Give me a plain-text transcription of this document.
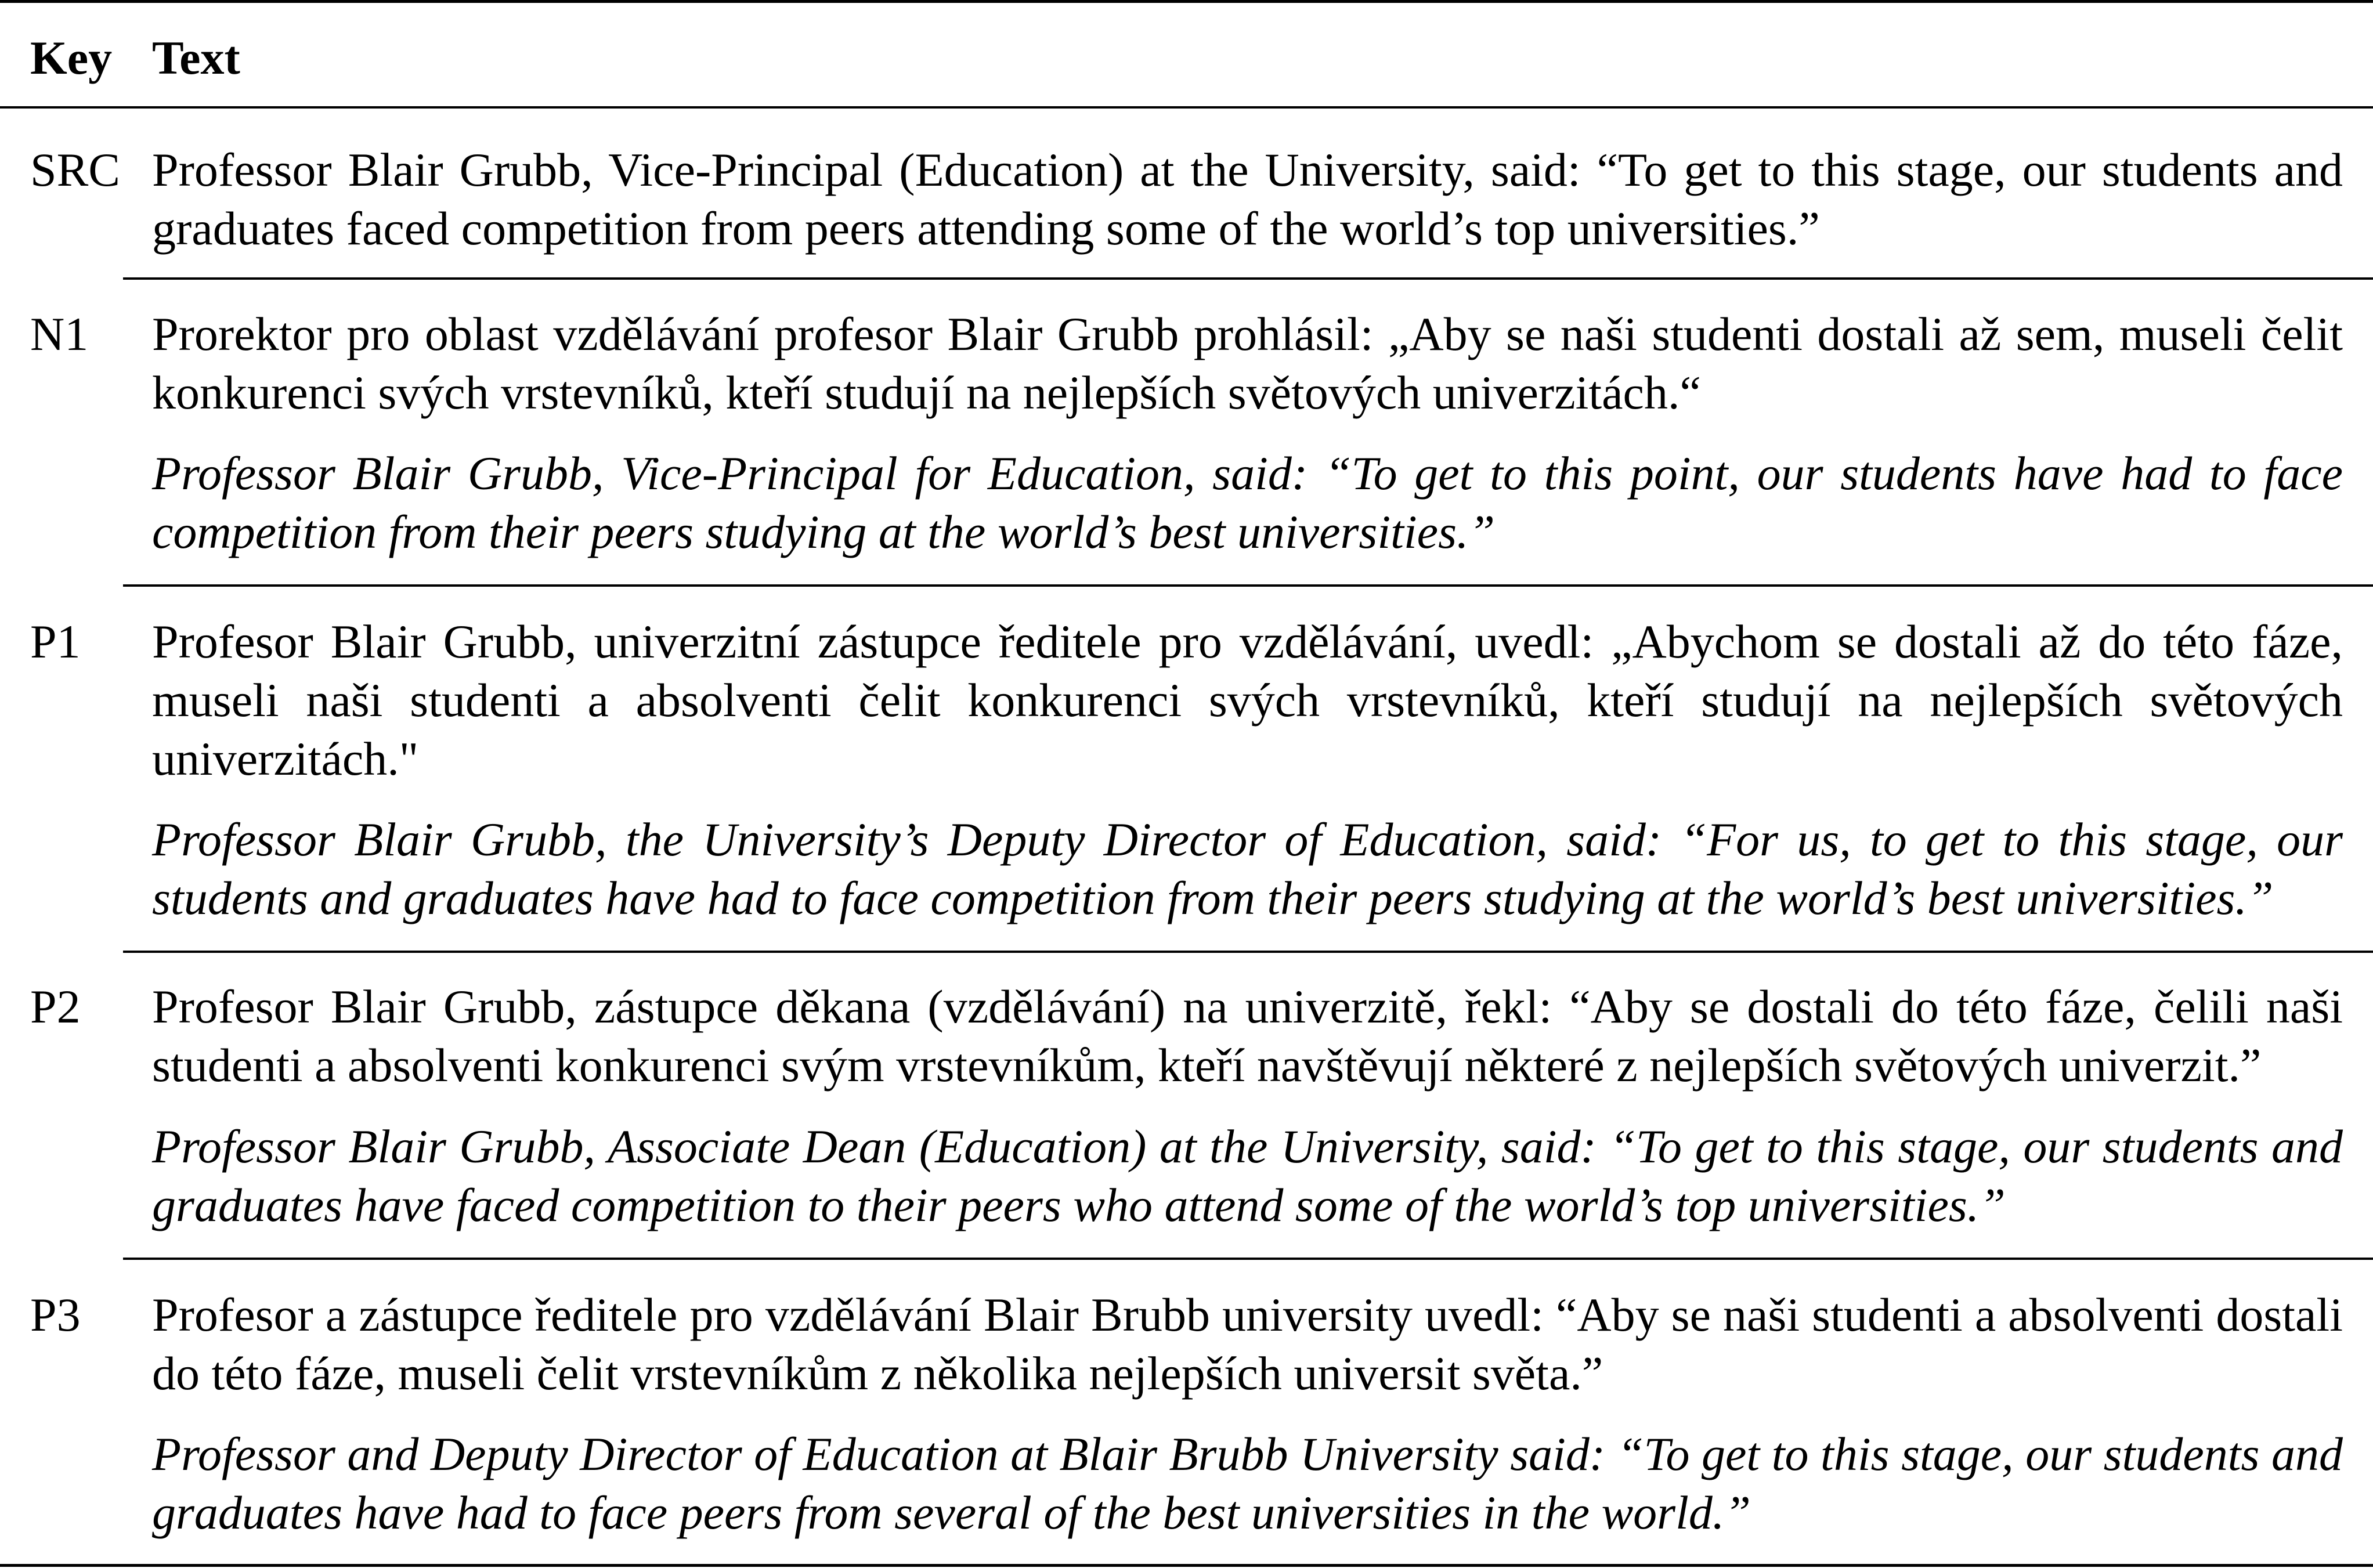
Key Text
SRC Professor Blair Grubb, Vice-Principal (Education) at the University, said: “To get to this stage, our students and graduates faced competition from peers attending some of the world’s top universities.”

N1 Prorektor pro oblast vzdělávání profesor Blair Grubb prohlásil: „Aby se naši studenti dostali až sem, museli čelit konkurenci svých vrstevníků, kteří studují na nejlepších světových univerzitách.“

Professor Blair Grubb, Vice-Principal for Education, said: “To get to this point, our students have had to face competition from their peers studying at the world’s best universities.”

P1 Profesor Blair Grubb, univerzitní zástupce ředitele pro vzdělávání, uvedl: „Abychom se dostali až do této fáze, museli naši studenti a absolventi čelit konkurenci svých vrstevníků, kteří studují na nejlepších světových univerzitách."

Professor Blair Grubb, the University’s Deputy Director of Education, said: “For us, to get to this stage, our students and graduates have had to face competition from their peers studying at the world’s best universities.”

P2 Profesor Blair Grubb, zástupce děkana (vzdělávání) na univerzitě, řekl: “Aby se dostali do této fáze, čelili naši studenti a absolventi konkurenci svým vrstevníkům, kteří navštěvují některé z nejlepších světových univerzit.”

Professor Blair Grubb, Associate Dean (Education) at the University, said: “To get to this stage, our students and graduates have faced competition to their peers who attend some of the world’s top universities.”

P3 Profesor a zástupce ředitele pro vzdělávání Blair Brubb university uvedl: “Aby se naši studenti a absolventi dostali do této fáze, museli čelit vrstevníkům z několika nejlepších universit světa.”

Professor and Deputy Director of Education at Blair Brubb University said: “To get to this stage, our students and graduates have had to face peers from several of the best universities in the world.”
